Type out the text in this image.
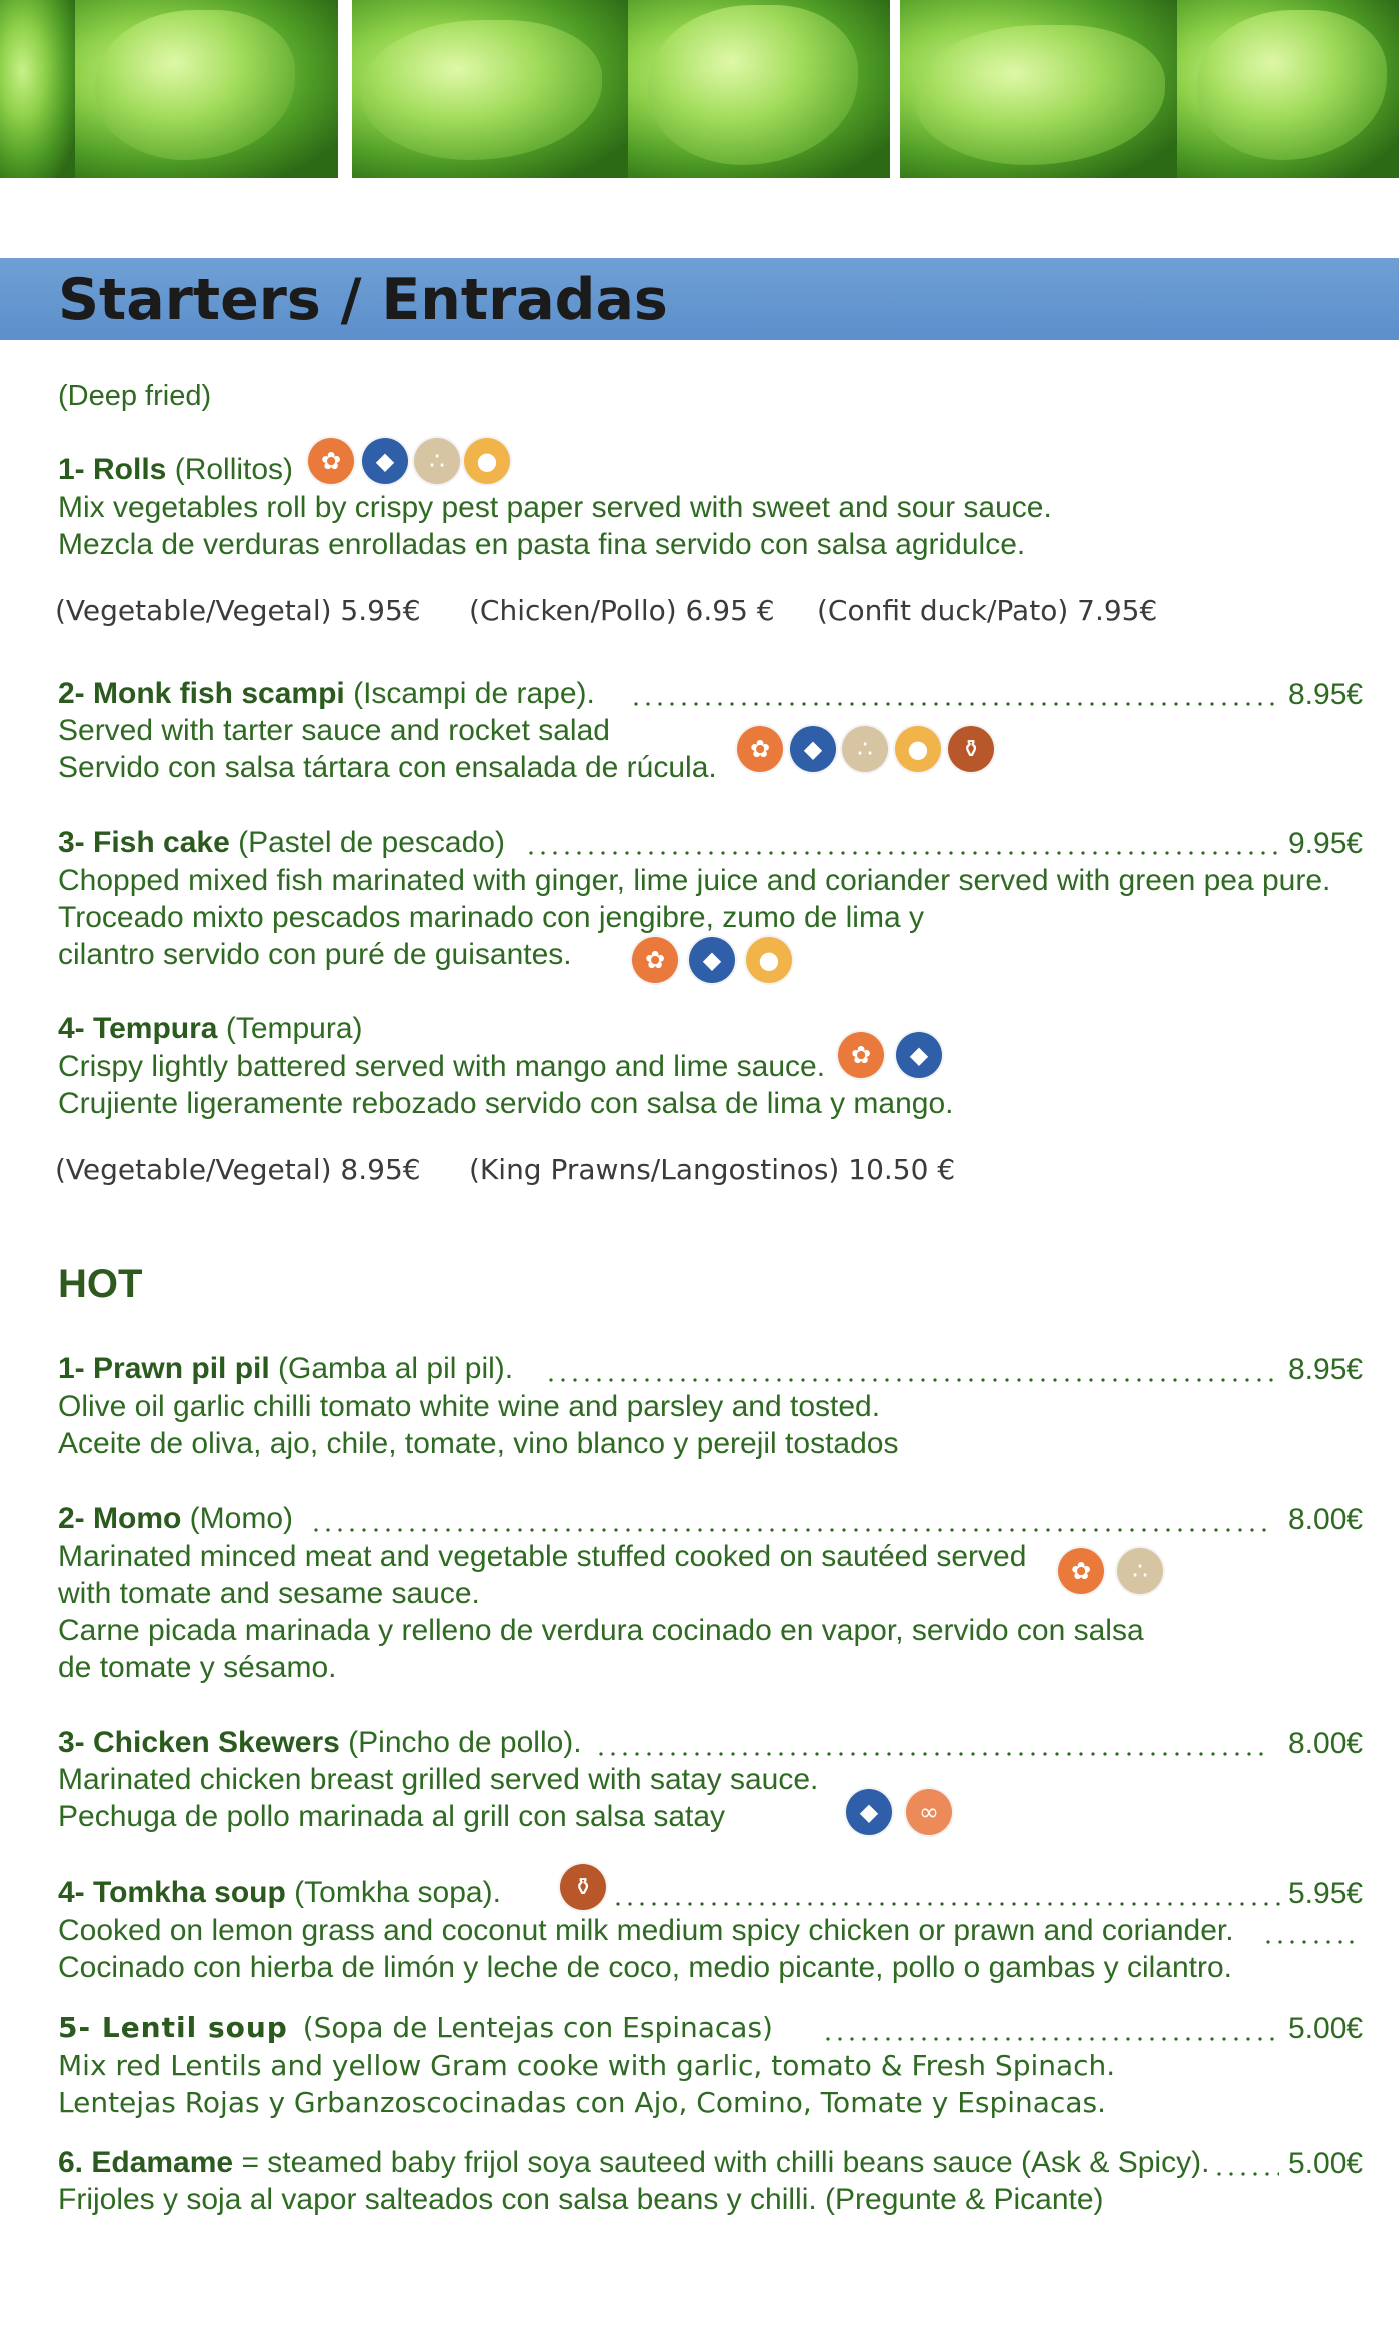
Starters / Entradas
(Deep fried)
1- Rolls (Rollitos)	✿	◆	∴	●
Mix vegetables roll by crispy pest paper served with sweet and sour sauce.
Mezcla de verduras enrolladas en pasta fina servido con salsa agridulce.
(Vegetable/Vegetal) 5.95€ (Chicken/Pollo) 6.95 € (Confit duck/Pato) 7.95€
2- Monk fish scampi (Iscampi de rape).	8.95€
Served with tarter sauce and rocket salad
Servido con salsa tártara con ensalada de rúcula.
✿	◆	∴	●	⚱
3- Fish cake (Pastel de pescado)	9.95€
Chopped mixed fish marinated with ginger, lime juice and coriander served with green pea pure.
Troceado mixto pescados marinado con jengibre, zumo de lima y
cilantro servido con puré de guisantes.	✿	◆	●
4- Tempura (Tempura)
Crispy lightly battered served with mango and lime sauce.	✿	◆
Crujiente ligeramente rebozado servido con salsa de lima y mango.
(Vegetable/Vegetal) 8.95€ (King Prawns/Langostinos) 10.50 €
HOT
1- Prawn pil pil (Gamba al pil pil).	8.95€
Olive oil garlic chilli tomato white wine and parsley and tosted.
Aceite de oliva, ajo, chile, tomate, vino blanco y perejil tostados
2- Momo (Momo)	8.00€
Marinated minced meat and vegetable stuffed cooked on sautéed served	✿	∴
with tomate and sesame sauce.
Carne picada marinada y relleno de verdura cocinado en vapor, servido con salsa
de tomate y sésamo.
3- Chicken Skewers (Pincho de pollo).	8.00€
Marinated chicken breast grilled served with satay sauce.
Pechuga de pollo marinada al grill con salsa satay	◆	∞
4- Tomkha soup (Tomkha sopa).	⚱	5.95€
Cooked on lemon grass and coconut milk medium spicy chicken or prawn and coriander.
Cocinado con hierba de limón y leche de coco, medio picante, pollo o gambas y cilantro.
5- Lentil soup (Sopa de Lentejas con Espinacas)	5.00€
Mix red Lentils and yellow Gram cooke with garlic, tomato & Fresh Spinach.
Lentejas Rojas y Grbanzoscocinadas con Ajo, Comino, Tomate y Espinacas.
6. Edamame = steamed baby frijol soya sauteed with chilli beans sauce (Ask & Spicy).	5.00€
Frijoles y soja al vapor salteados con salsa beans y chilli. (Pregunte & Picante)
